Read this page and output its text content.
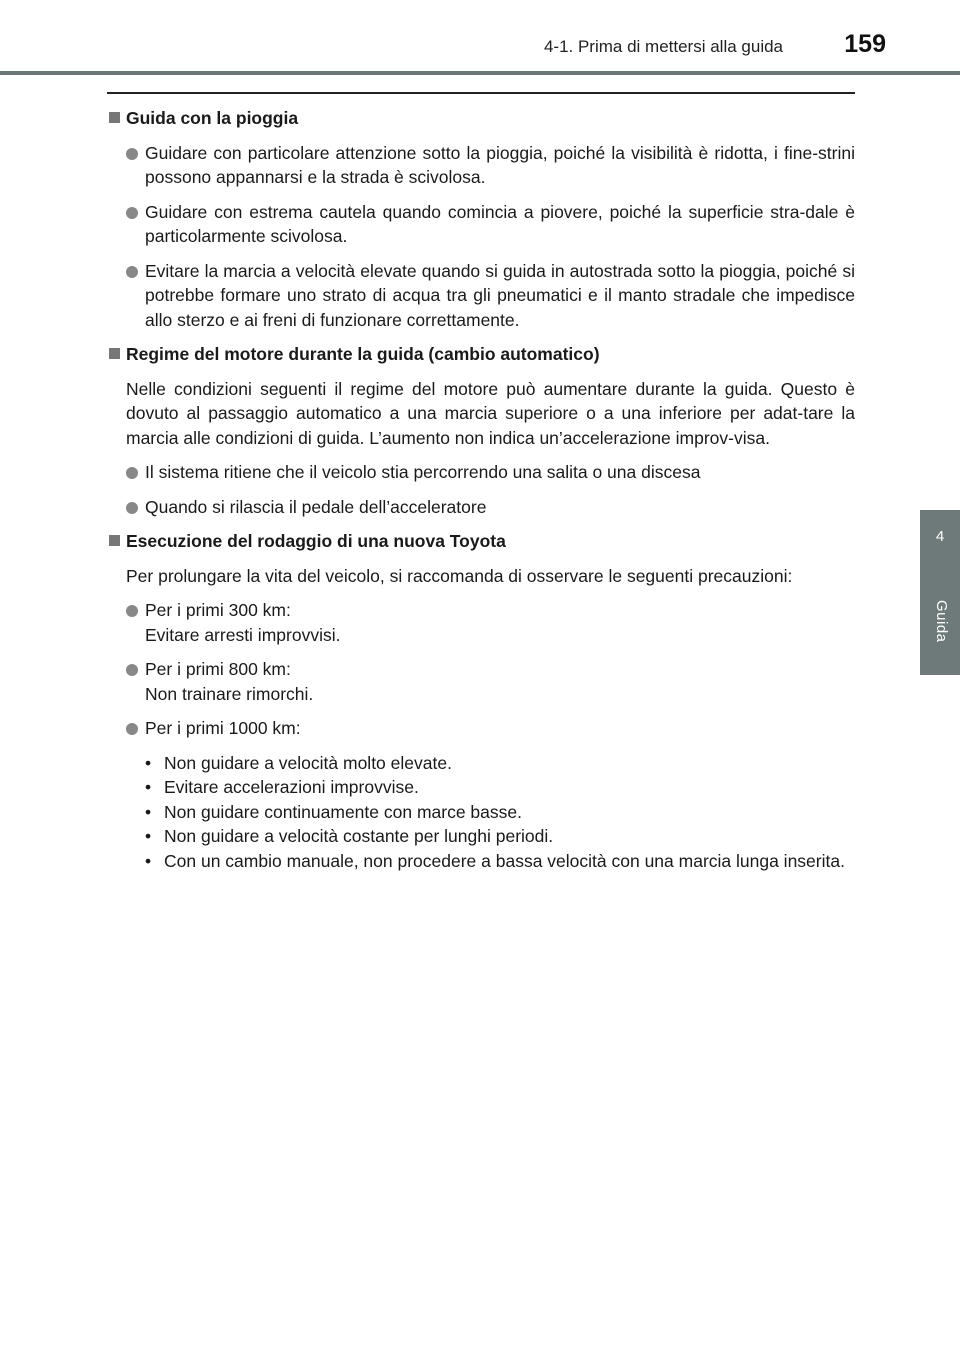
4-1. Prima di mettersi alla guida 159
4
Guida
Guida con la pioggia
Guidare con particolare attenzione sotto la pioggia, poiché la visibilità è ridotta, i fine-strini possono appannarsi e la strada è scivolosa.
Guidare con estrema cautela quando comincia a piovere, poiché la superficie stra-dale è particolarmente scivolosa.
Evitare la marcia a velocità elevate quando si guida in autostrada sotto la pioggia, poiché si potrebbe formare uno strato di acqua tra gli pneumatici e il manto stradale che impedisce allo sterzo e ai freni di funzionare correttamente.
Regime del motore durante la guida (cambio automatico)
Nelle condizioni seguenti il regime del motore può aumentare durante la guida. Questo è dovuto al passaggio automatico a una marcia superiore o a una inferiore per adat-tare la marcia alle condizioni di guida. L’aumento non indica un’accelerazione improv-visa.
Il sistema ritiene che il veicolo stia percorrendo una salita o una discesa
Quando si rilascia il pedale dell’acceleratore
Esecuzione del rodaggio di una nuova Toyota
Per prolungare la vita del veicolo, si raccomanda di osservare le seguenti precauzioni:
Per i primi 300 km:
Evitare arresti improvvisi.
Per i primi 800 km:
Non trainare rimorchi.
Per i primi 1000 km:
• Non guidare a velocità molto elevate.
• Evitare accelerazioni improvvise.
• Non guidare continuamente con marce basse.
• Non guidare a velocità costante per lunghi periodi.
• Con un cambio manuale, non procedere a bassa velocità con una marcia lunga inserita.
